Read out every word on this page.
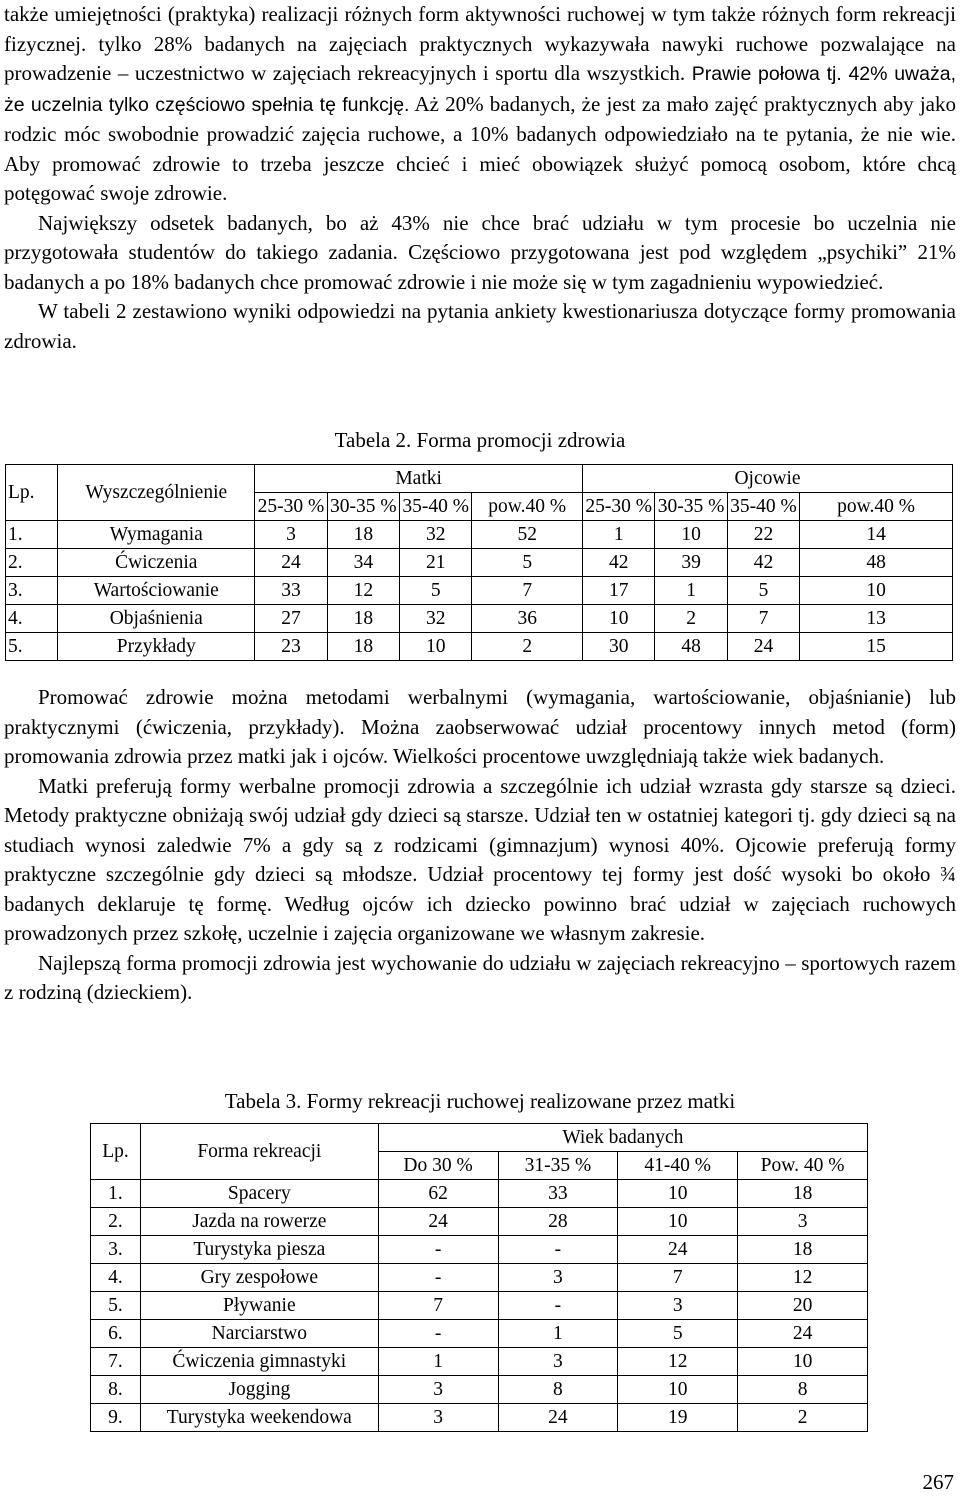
także umiejętności (praktyka) realizacji różnych form aktywności ruchowej w tym także różnych form rekreacji fizycznej. tylko 28% badanych na zajęciach praktycznych wykazywała nawyki ruchowe pozwalające na prowadzenie – uczestnictwo w zajęciach rekreacyjnych i sportu dla wszystkich. Prawie połowa tj. 42% uważa, że uczelnia tylko częściowo spełnia tę funkcję. Aż 20% badanych, że jest za mało zajęć praktycznych aby jako rodzic móc swobodnie prowadzić zajęcia ruchowe, a 10% badanych odpowiedziało na te pytania, że nie wie. Aby promować zdrowie to trzeba jeszcze chcieć i mieć obowiązek służyć pomocą osobom, które chcą potęgować swoje zdrowie.

Największy odsetek badanych, bo aż 43% nie chce brać udziału w tym procesie bo uczelnia nie przygotowała studentów do takiego zadania. Częściowo przygotowana jest pod względem „psychiki” 21% badanych a po 18% badanych chce promować zdrowie i nie może się w tym zagadnieniu wypowiedzieć.

W tabeli 2 zestawiono wyniki odpowiedzi na pytania ankiety kwestionariusza dotyczące formy promowania zdrowia.

Tabela 2. Forma promocji zdrowia
Lp.	Wyszczególnienie	Matki				Ojcowie			
		25-30 %	30-35 %	35-40 %	pow.40 %	25-30 %	30-35 %	35-40 %	pow.40 %
1.	Wymagania	3	18	32	52	1	10	22	14
2.	Ćwiczenia	24	34	21	5	42	39	42	48
3.	Wartościowanie	33	12	5	7	17	1	5	10
4.	Objaśnienia	27	18	32	36	10	2	7	13
5.	Przykłady	23	18	10	2	30	48	24	15

Promować zdrowie można metodami werbalnymi (wymagania, wartościowanie, objaśnianie) lub praktycznymi (ćwiczenia, przykłady). Można zaobserwować udział procentowy innych metod (form) promowania zdrowia przez matki jak i ojców. Wielkości procentowe uwzględniają także wiek badanych.

Matki preferują formy werbalne promocji zdrowia a szczególnie ich udział wzrasta gdy starsze są dzieci. Metody praktyczne obniżają swój udział gdy dzieci są starsze. Udział ten w ostatniej kategori tj. gdy dzieci są na studiach wynosi zaledwie 7% a gdy są z rodzicami (gimnazjum) wynosi 40%. Ojcowie preferują formy praktyczne szczególnie gdy dzieci są młodsze. Udział procentowy tej formy jest dość wysoki bo około ¾ badanych deklaruje tę formę. Według ojców ich dziecko powinno brać udział w zajęciach ruchowych prowadzonych przez szkołę, uczelnie i zajęcia organizowane we własnym zakresie.

Najlepszą forma promocji zdrowia jest wychowanie do udziału w zajęciach rekreacyjno – sportowych razem z rodziną (dzieckiem).

Tabela 3. Formy rekreacji ruchowej realizowane przez matki
Lp.	Forma rekreacji	Wiek badanych			
		Do 30 %	31-35 %	41-40 %	Pow. 40 %
1.	Spacery	62	33	10	18
2.	Jazda na rowerze	24	28	10	3
3.	Turystyka piesza	-	-	24	18
4.	Gry zespołowe	-	3	7	12
5.	Pływanie	7	-	3	20
6.	Narciarstwo	-	1	5	24
7.	Ćwiczenia gimnastyki	1	3	12	10
8.	Jogging	3	8	10	8
9.	Turystyka weekendowa	3	24	19	2
267
